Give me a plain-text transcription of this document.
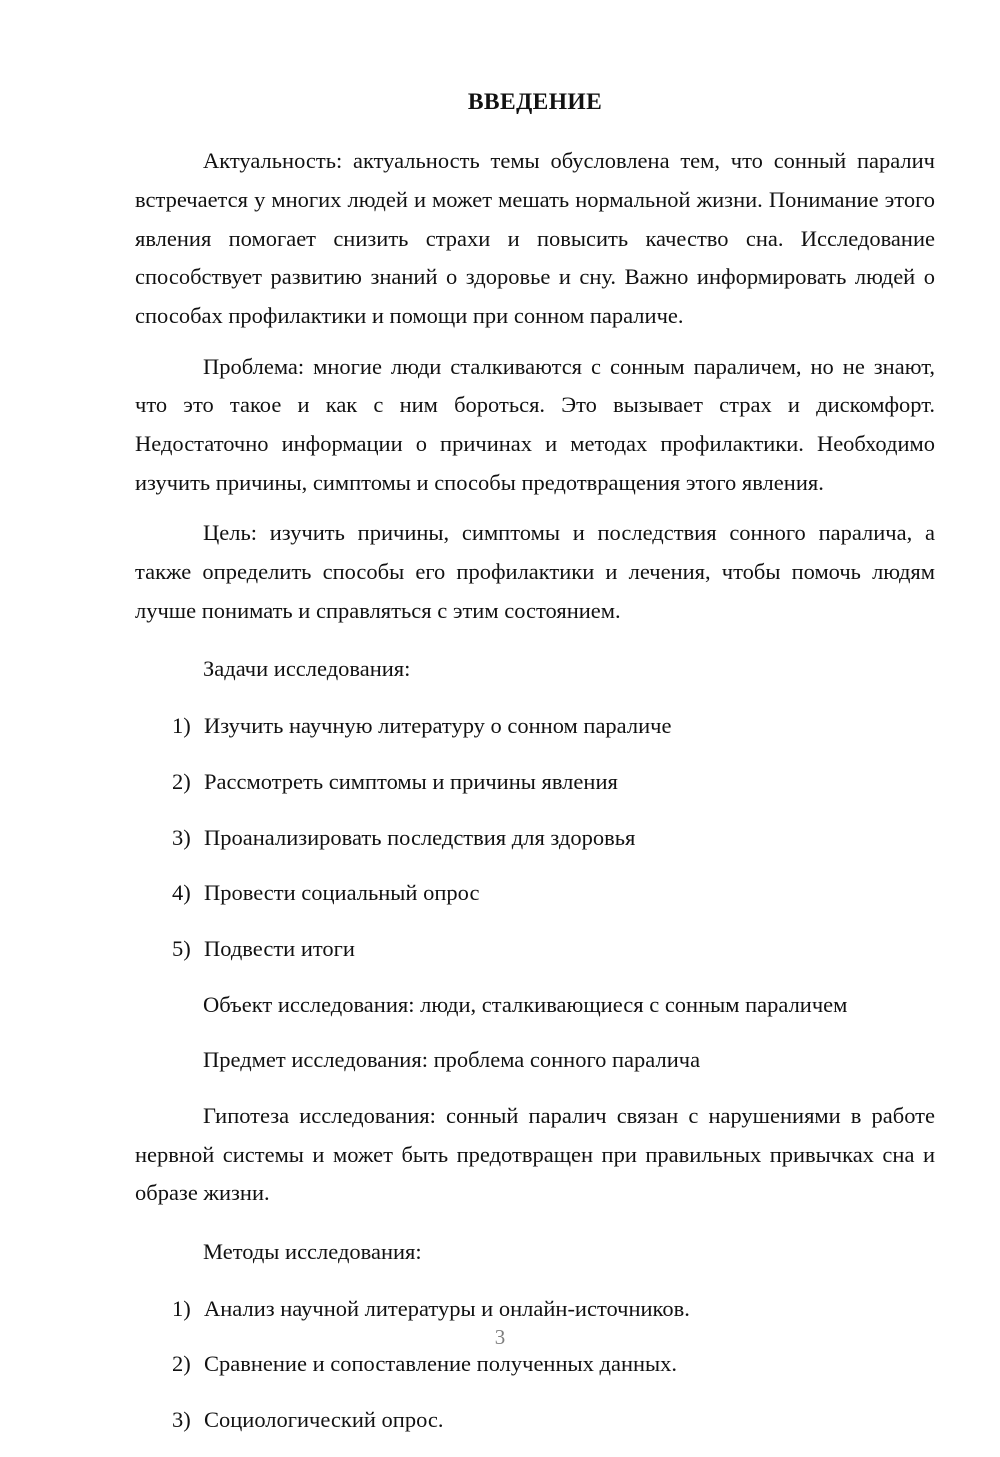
ВВЕДЕНИЕ

Актуальность: актуальность темы обусловлена тем, что сонный паралич встречается у многих людей и может мешать нормальной жизни. Понимание этого явления помогает снизить страхи и повысить качество сна. Исследование способствует развитию знаний о здоровье и сну. Важно информировать людей о способах профилактики и помощи при сонном параличе.

Проблема: многие люди сталкиваются с сонным параличем, но не знают, что это такое и как с ним бороться. Это вызывает страх и дискомфорт. Недостаточно информации о причинах и методах профилактики. Необходимо изучить причины, симптомы и способы предотвращения этого явления.

Цель: изучить причины, симптомы и последствия сонного паралича, а также определить способы его профилактики и лечения, чтобы помочь людям лучше понимать и справляться с этим состоянием.

Задачи исследования:

1) Изучить научную литературу о сонном параличе
2) Рассмотреть симптомы и причины явления
3) Проанализировать последствия для здоровья
4) Провести социальный опрос
5) Подвести итоги

Объект исследования: люди, сталкивающиеся с сонным параличем

Предмет исследования: проблема сонного паралича

Гипотеза исследования: сонный паралич связан с нарушениями в работе нервной системы и может быть предотвращен при правильных привычках сна и образе жизни.

Методы исследования:

1) Анализ научной литературы и онлайн-источников.
2) Сравнение и сопоставление полученных данных.
3) Социологический опрос.
3
